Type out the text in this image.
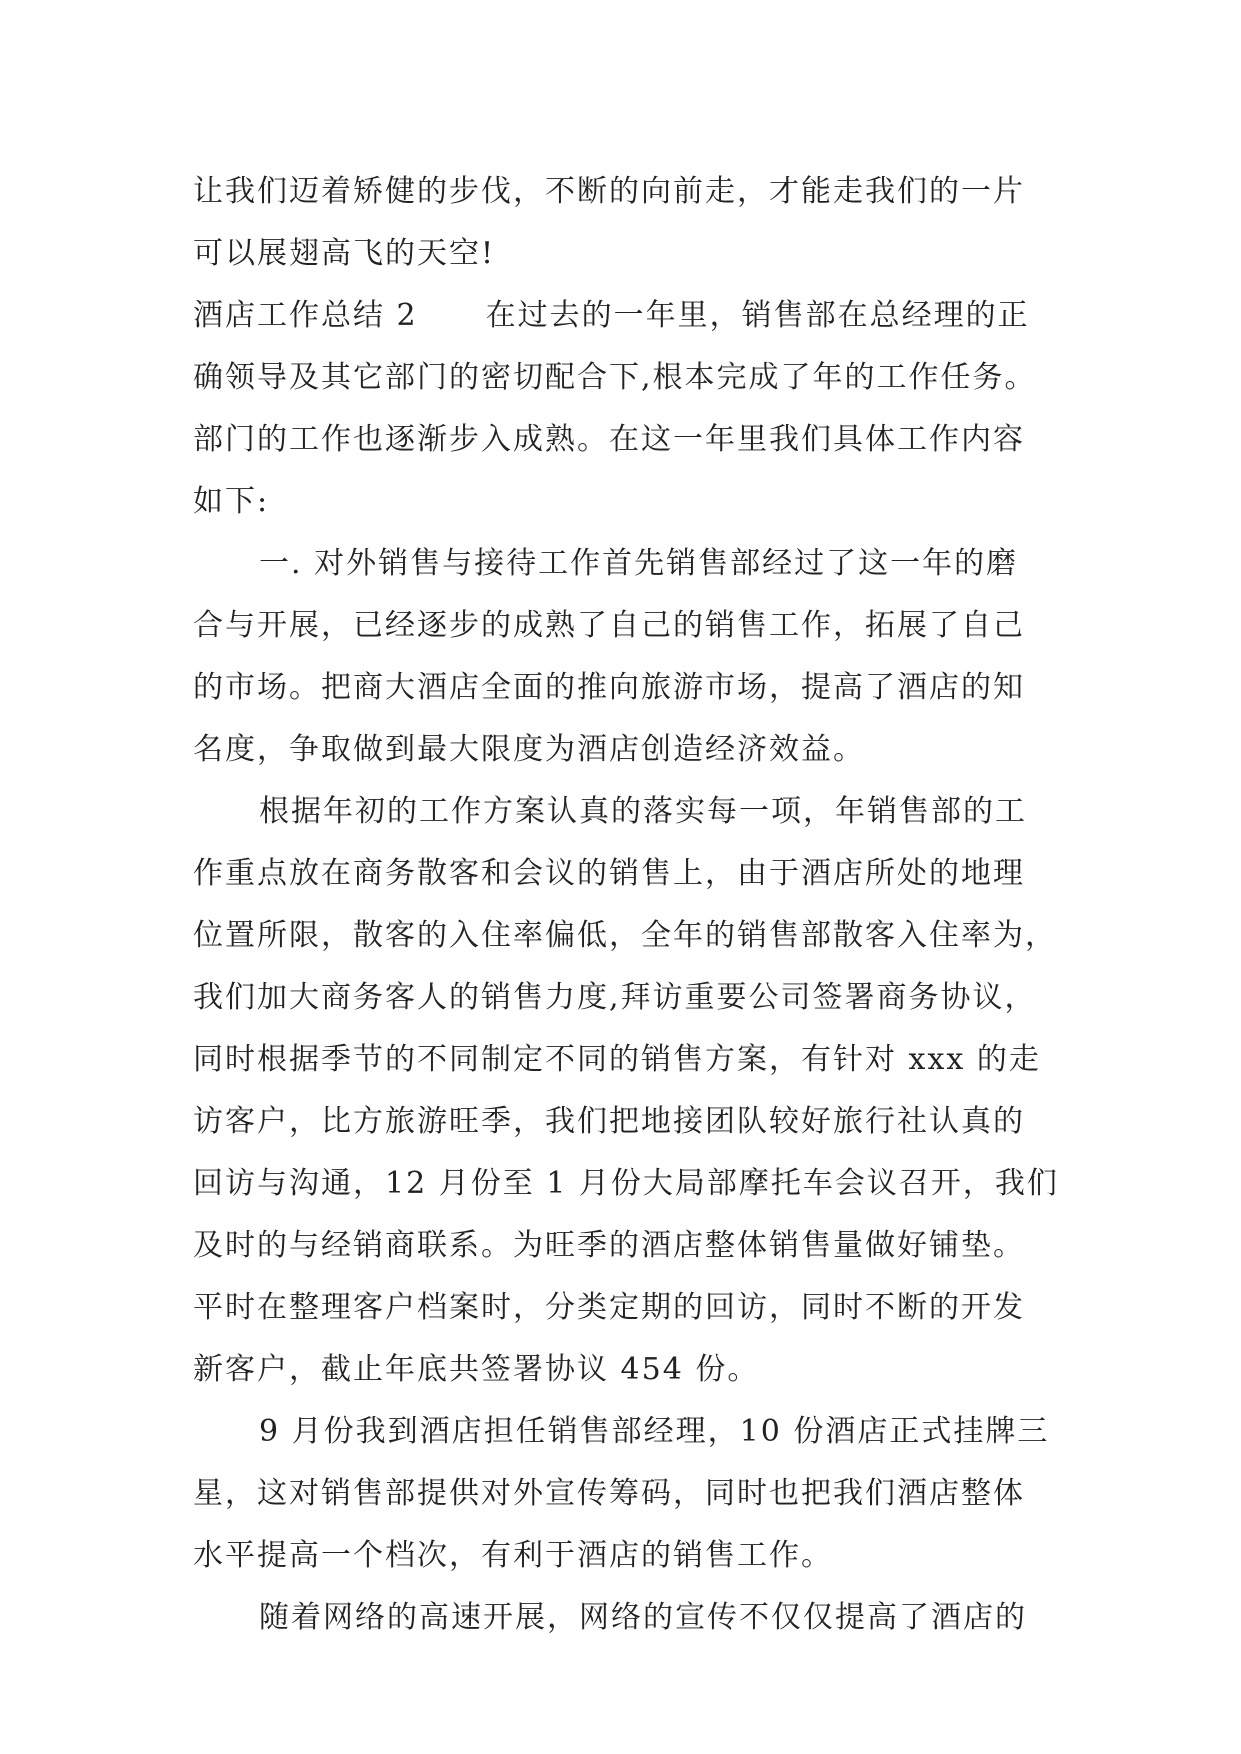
让我们迈着矫健的步伐，不断的向前走，才能走我们的一片
可以展翅高飞的天空!
酒店工作总结 2 在过去的一年里，销售部在总经理的正
确领导及其它部门的密切配合下,根本完成了年的工作任务。
部门的工作也逐渐步入成熟。在这一年里我们具体工作内容
如下:
一. 对外销售与接待工作首先销售部经过了这一年的磨
合与开展，已经逐步的成熟了自己的销售工作，拓展了自己
的市场。把商大酒店全面的推向旅游市场，提高了酒店的知
名度，争取做到最大限度为酒店创造经济效益。
根据年初的工作方案认真的落实每一项，年销售部的工
作重点放在商务散客和会议的销售上，由于酒店所处的地理
位置所限，散客的入住率偏低，全年的销售部散客入住率为，
我们加大商务客人的销售力度,拜访重要公司签署商务协议，
同时根据季节的不同制定不同的销售方案，有针对 xxx 的走
访客户，比方旅游旺季，我们把地接团队较好旅行社认真的
回访与沟通，12 月份至 1 月份大局部摩托车会议召开，我们
及时的与经销商联系。为旺季的酒店整体销售量做好铺垫。
平时在整理客户档案时，分类定期的回访，同时不断的开发
新客户，截止年底共签署协议 454 份。
9 月份我到酒店担任销售部经理，10 份酒店正式挂牌三
星，这对销售部提供对外宣传筹码，同时也把我们酒店整体
水平提高一个档次，有利于酒店的销售工作。
随着网络的高速开展，网络的宣传不仅仅提高了酒店的
